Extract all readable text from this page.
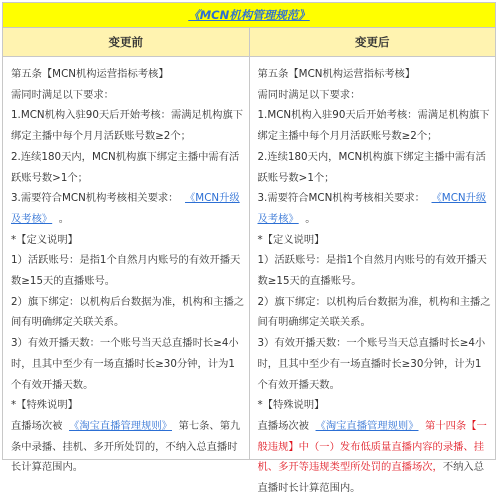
《MCN机构管理规范》
变更前	变更后

第五条【MCN机构运营指标考核】

需同时满足以下要求：

1.MCN机构入驻90天后开始考核：需满足机构旗下绑定主播中每个月月活跃账号数≥2个；

2.连续180天内，MCN机构旗下绑定主播中需有活跃账号数>1个；

3.需要符合MCN机构考核相关要求： 《MCN升级及考核》 。

*【定义说明】

1）活跃账号：是指1个自然月内账号的有效开播天数≥15天的直播账号。

2）旗下绑定：以机构后台数据为准，机构和主播之间有明确绑定关联关系。

3）有效开播天数：一个账号当天总直播时长≥4小时，且其中至少有一场直播时长≥30分钟，计为1个有效开播天数。

*【特殊说明】

直播场次被 《淘宝直播管理规则》 第七条、第九条中录播、挂机、多开所处罚的，不纳入总直播时长计算范围内。

第五条【MCN机构运营指标考核】

需同时满足以下要求：

1.MCN机构入驻90天后开始考核：需满足机构旗下绑定主播中每个月月活跃账号数≥2个；

2.连续180天内，MCN机构旗下绑定主播中需有活跃账号数>1个；

3.需要符合MCN机构考核相关要求： 《MCN升级及考核》 。

*【定义说明】

1）活跃账号：是指1个自然月内账号的有效开播天数≥15天的直播账号。

2）旗下绑定：以机构后台数据为准，机构和主播之间有明确绑定关联关系。

3）有效开播天数：一个账号当天总直播时长≥4小时，且其中至少有一场直播时长≥30分钟，计为1个有效开播天数。

*【特殊说明】

直播场次被 《淘宝直播管理规则》 第十四条【一般违规】中（一）发布低质量直播内容的录播、挂机、多开等违规类型所处罚的直播场次，不纳入总直播时长计算范围内。
